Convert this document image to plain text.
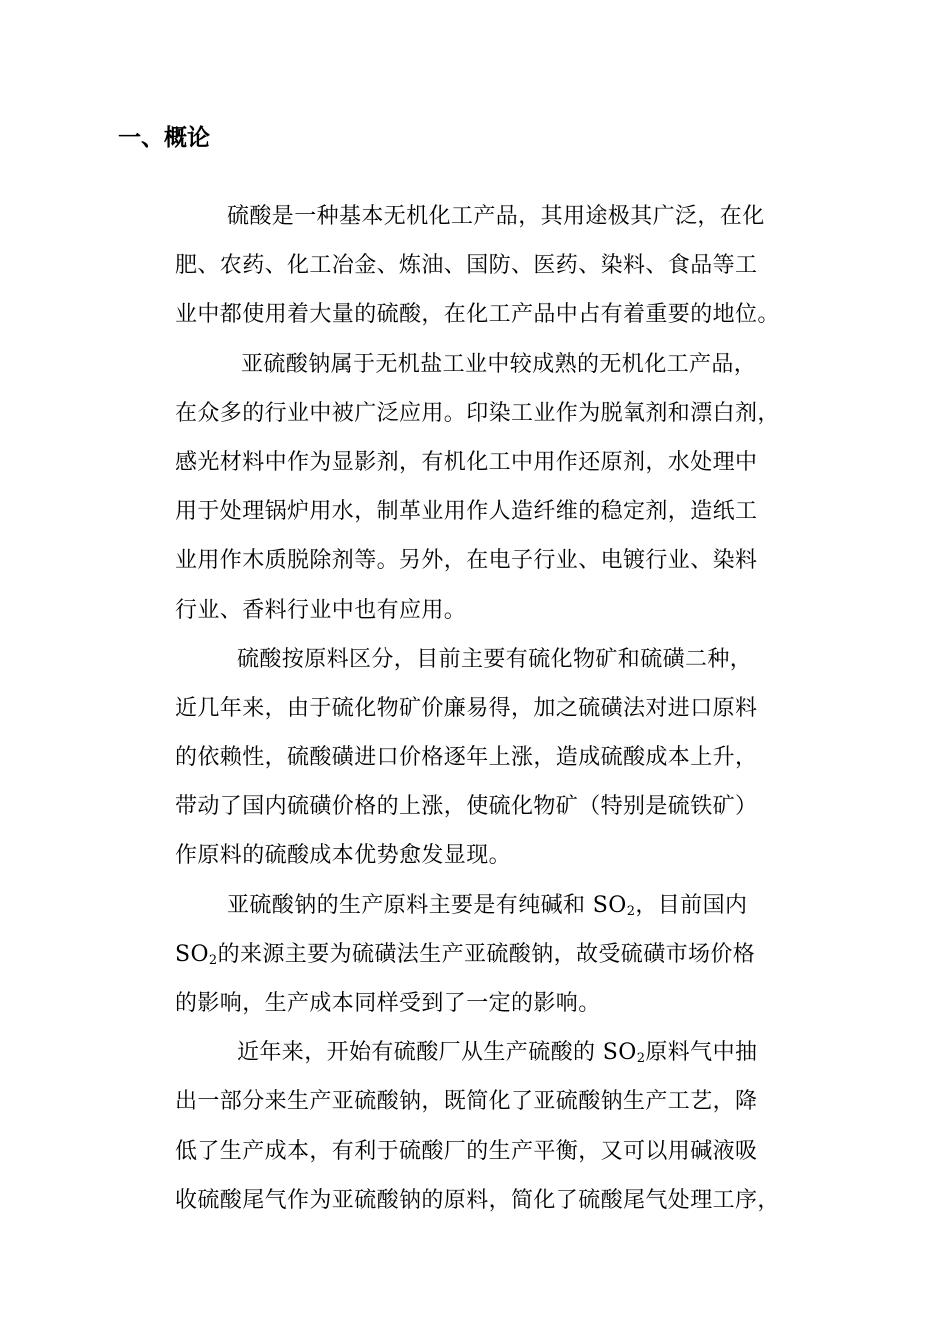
一、概论
硫酸是一种基本无机化工产品，其用途极其广泛，在化
肥、农药、化工冶金、炼油、国防、医药、染料、食品等工
业中都使用着大量的硫酸，在化工产品中占有着重要的地位。
亚硫酸钠属于无机盐工业中较成熟的无机化工产品，
在众多的行业中被广泛应用。印染工业作为脱氧剂和漂白剂，
感光材料中作为显影剂，有机化工中用作还原剂，水处理中
用于处理锅炉用水，制革业用作人造纤维的稳定剂，造纸工
业用作木质脱除剂等。另外，在电子行业、电镀行业、染料
行业、香料行业中也有应用。
硫酸按原料区分，目前主要有硫化物矿和硫磺二种，
近几年来，由于硫化物矿价廉易得，加之硫磺法对进口原料
的依赖性，硫酸磺进口价格逐年上涨，造成硫酸成本上升，
带动了国内硫磺价格的上涨，使硫化物矿（特别是硫铁矿）
作原料的硫酸成本优势愈发显现。
亚硫酸钠的生产原料主要是有纯碱和 $SO_2$，目前国内
$SO_2$的来源主要为硫磺法生产亚硫酸钠，故受硫磺市场价格
的影响，生产成本同样受到了一定的影响。
近年来，开始有硫酸厂从生产硫酸的 $SO_2$原料气中抽
出一部分来生产亚硫酸钠，既简化了亚硫酸钠生产工艺，降
低了生产成本，有利于硫酸厂的生产平衡，又可以用碱液吸
收硫酸尾气作为亚硫酸钠的原料，简化了硫酸尾气处理工序，
